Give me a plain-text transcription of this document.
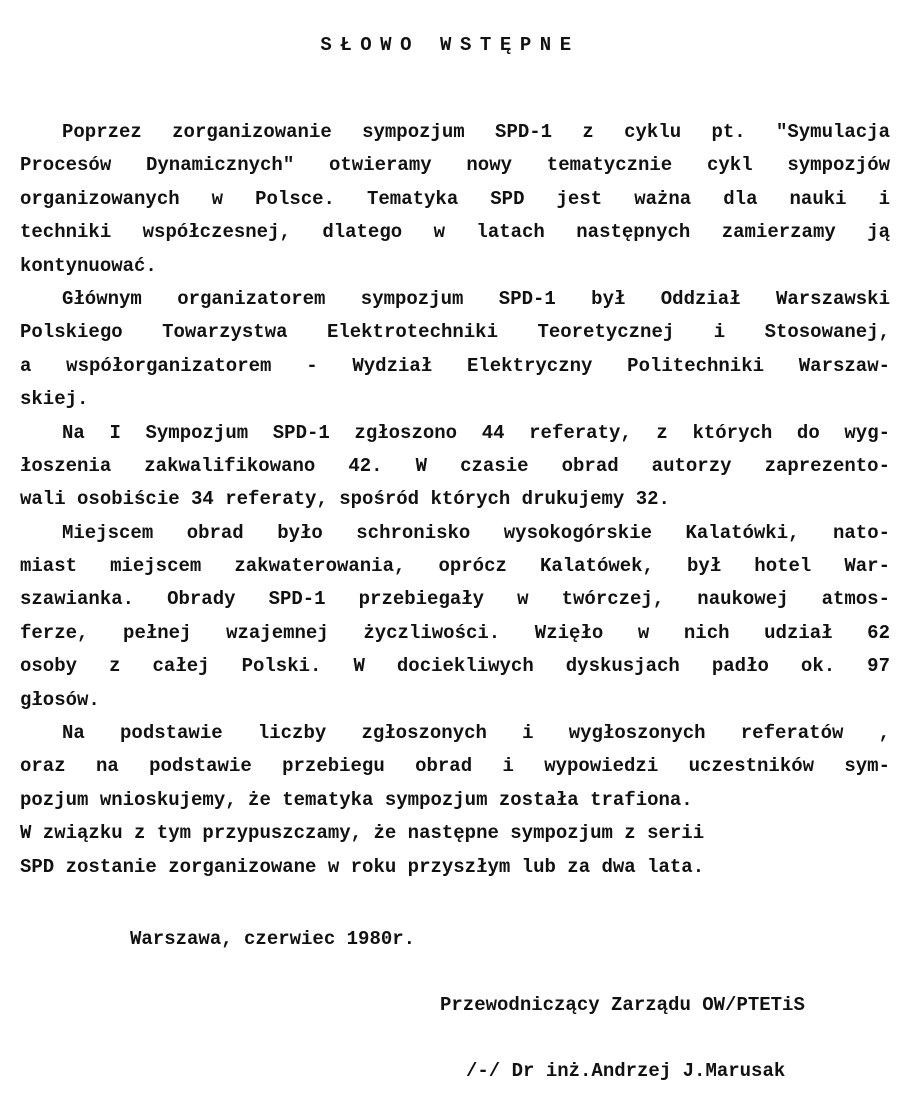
SŁOWO WSTĘPNE
Poprzez zorganizowanie sympozjum SPD-1 z cyklu pt. "Symulacja
Procesów Dynamicznych" otwieramy nowy tematycznie cykl sympozjów
organizowanych w Polsce. Tematyka SPD jest ważna dla nauki i
techniki współczesnej, dlatego w latach następnych zamierzamy ją
kontynuować.
Głównym organizatorem sympozjum SPD-1 był Oddział Warszawski
Polskiego Towarzystwa Elektrotechniki Teoretycznej i Stosowanej,
a współorganizatorem - Wydział Elektryczny Politechniki Warszaw-
skiej.
Na I Sympozjum SPD-1 zgłoszono 44 referaty, z których do wyg-
łoszenia zakwalifikowano 42. W czasie obrad autorzy zaprezento-
wali osobiście 34 referaty, spośród których drukujemy 32.
Miejscem obrad było schronisko wysokogórskie Kalatówki, nato-
miast miejscem zakwaterowania, oprócz Kalatówek, był hotel War-
szawianka. Obrady SPD-1 przebiegały w twórczej, naukowej atmos-
ferze, pełnej wzajemnej życzliwości. Wzięło w nich udział 62
osoby z całej Polski. W dociekliwych dyskusjach padło ok. 97
głosów.
Na podstawie liczby zgłoszonych i wygłoszonych referatów ,
oraz na podstawie przebiegu obrad i wypowiedzi uczestników sym-
pozjum wnioskujemy, że tematyka sympozjum została trafiona.
W związku z tym przypuszczamy, że następne sympozjum z serii
SPD zostanie zorganizowane w roku przyszłym lub za dwa lata.
Warszawa, czerwiec 1980r.
Przewodniczący Zarządu OW/PTETiS
/-/ Dr inż.Andrzej J.Marusak
